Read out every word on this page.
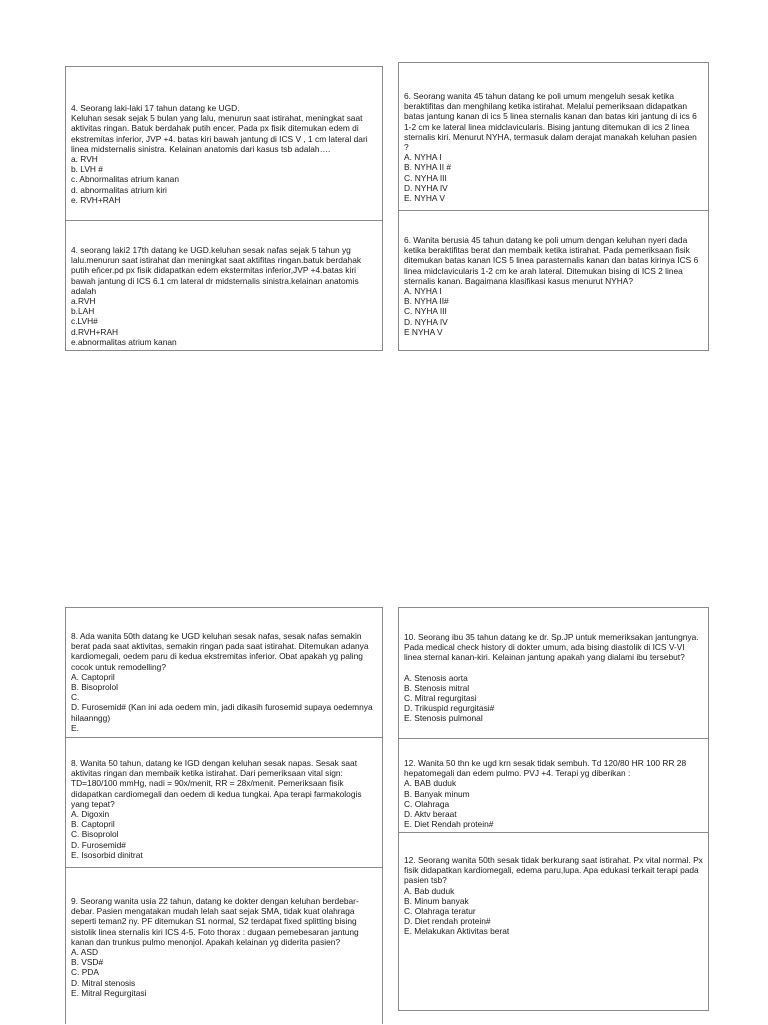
4. Seorang laki-laki 17 tahun datang ke UGD.
Keluhan sesak sejak 5 bulan yang lalu, menurun saat istirahat, meningkat saat aktivitas ringan. Batuk berdahak putih encer. Pada px fisik ditemukan edem di ekstremitas inferior, JVP +4. batas kiri bawah jantung di ICS V , 1 cm lateral dari linea midsternalis sinistra. Kelainan anatomis dari kasus tsb adalah….

a. RVH
b. LVH #
c. Abnormalitas atrium kanan
d. abnormalitas atrium kiri
e. RVH+RAH

4. seorang laki2 17th datang ke UGD.keluhan sesak nafas sejak 5 tahun yg lalu.menurun saat istirahat dan meningkat saat aktifitas ringan.batuk berdahak putih eňcer.pd px fisik didapatkan edem ekstermitas inferior,JVP +4.batas kiri bawah jantung di ICS 6.1 cm lateral dr midsternalis sinistra.kelainan anatomis adalah

a.RVH
b.LAH
c.LVH#
d.RVH+RAH
e.abnormalitas atrium kanan

6. Seorang wanita 45 tahun datang ke poli umum mengeluh sesak ketika beraktifitas dan menghilang ketika istirahat. Melalui pemeriksaan didapatkan batas jantung kanan di ics 5 linea sternalis kanan dan batas kiri jantung di ics 6 1-2 cm ke lateral linea midclavicularis. Bising jantung ditemukan di ics 2 linea sternalis kiri. Menurut NYHA, termasuk dalam derajat manakah keluhan pasien ?

A. NYHA I
B. NYHA II #
C. NYHA III
D. NYHA IV
E. NYHA V

6. Wanita berusia 45 tahun datang ke poli umum dengan keluhan nyeri dada ketika beraktifitas berat dan membaik ketika istirahat. Pada pemeriksaan fisik ditemukan batas kanan ICS 5 linea parasternalis kanan dan batas kirinya ICS 6 linea midclavicularis 1-2 cm ke arah lateral. Ditemukan bising di ICS 2 linea sternalis kanan. Bagaimana klasifikasi kasus menurut NYHA?

A. NYHA I
B. NYHA II#
C. NYHA III
D. NYHA IV
E NYHA V

8. Ada wanita 50th datang ke UGD keluhan sesak nafas, sesak nafas semakin berat pada saat aktivitas, semakin ringan pada saat istirahat. Ditemukan adanya kardiomegali, oedem paru di kedua ekstremitas inferior. Obat apakah yg paling cocok untuk remodelling?

A. Captopril
B. Bisoprolol
C.
D. Furosemid# (Kan ini ada oedem min, jadi dikasih furosemid supaya oedemnya hilaanngg)
E.

8. Wanita 50 tahun, datang ke IGD dengan keluhan sesak napas. Sesak saat aktivitas ringan dan membaik ketika istirahat. Dari pemeriksaan vital sign: TD=180/100 mmHg, nadi = 90x/menit, RR = 28x/menit. Pemeriksaan fisik didapatkan cardiomegali dan oedem di kedua tungkai. Apa terapi farmakologis yang tepat?

A. Digoxin
B. Captopril
C. Bisoprolol
D. Furosemid#
E. Isosorbid dinitrat

9. Seorang wanita usia 22 tahun, datang ke dokter dengan keluhan berdebar-debar. Pasien mengatakan mudah lelah saat sejak SMA, tidak kuat olahraga seperti teman2 ny. PF ditemukan S1 normal, S2 terdapat fixed splitting bising sistolik linea sternalis kiri ICS 4-5. Foto thorax : dugaan pemebesaran jantung kanan dan trunkus pulmo menonjol. Apakah kelainan yg diderita pasien?

A. ASD
B. VSD#
C. PDA
D. Mitral stenosis
E. Mitral Regurgitasi

10. Seorang ibu 35 tahun datang ke dr. Sp.JP untuk memeriksakan jantungnya. Pada medical check history di dokter umum, ada bising diastolik di ICS V-VI linea sternal kanan-kiri. Kelainan jantung apakah yang dialami ibu tersebut?

A. Stenosis aorta
B. Stenosis mitral
C. Mitral regurgitasi
D. Trikuspid regurgitasi#
E. Stenosis pulmonal

12. Wanita 50 thn ke ugd krn sesak tidak sembuh. Td 120/80 HR 100 RR 28 hepatomegali dan edem pulmo. PVJ +4. Terapi yg diberikan :

A. BAB duduk
B. Banyak minum
C. Olahraga
D. Aktv beraat
E. Diet Rendah protein#

12. Seorang wanita 50th sesak tidak berkurang saat istirahat. Px vital normal. Px fisik didapatkan kardiomegali, edema paru,lupa. Apa edukasi terkait terapi pada pasien tsb?

A. Bab duduk
B. Minum banyak
C. Olahraga teratur
D. Diet rendah protein#
E. Melakukan Aktivitas berat
